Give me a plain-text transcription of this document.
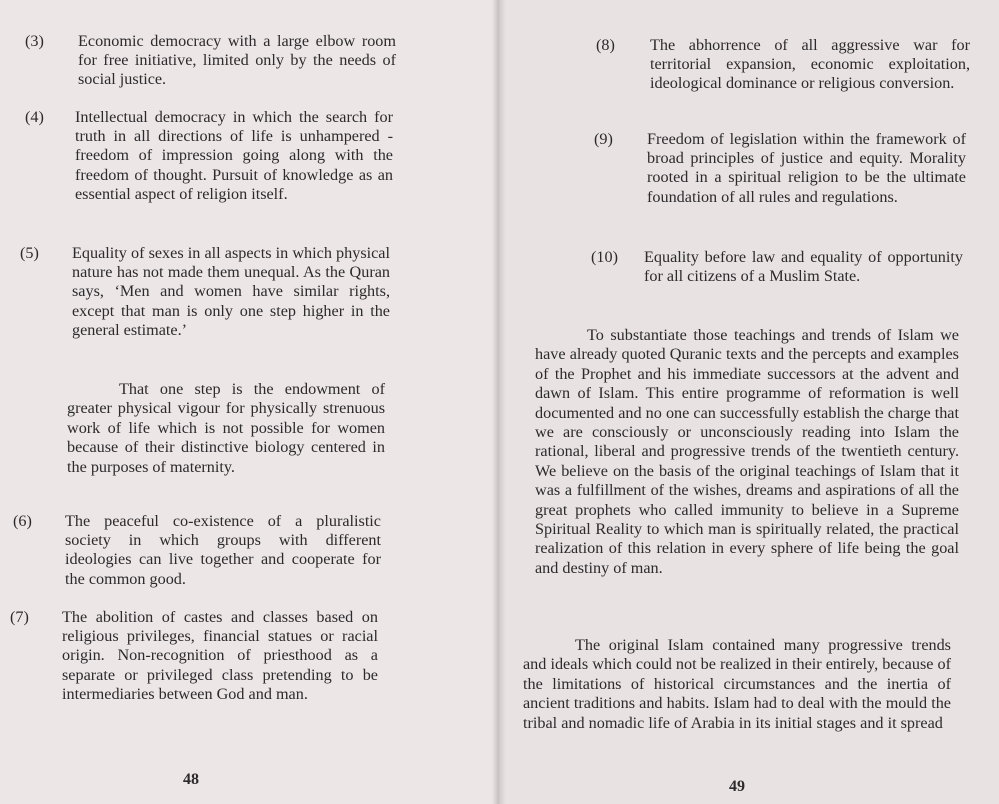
(3) Economic democracy with a large elbow room for free initiative, limited only by the needs of social justice.
(4) Intellectual democracy in which the search for truth in all directions of life is unhampered - freedom of impression going along with the freedom of thought. Pursuit of knowledge as an essential aspect of religion itself.
(5) Equality of sexes in all aspects in which physical nature has not made them unequal. As the Quran says, ‘Men and women have similar rights, except that man is only one step higher in the general estimate.’
That one step is the endowment of greater physical vigour for physically strenuous work of life which is not possible for women because of their distinctive biology centered in the purposes of maternity.
(6) The peaceful co-existence of a pluralistic society in which groups with different ideologies can live together and cooperate for the common good.
(7) The abolition of castes and classes based on religious privileges, financial statues or racial origin. Non-recognition of priesthood as a separate or privileged class pretending to be intermediaries between God and man.
48
(8) The abhorrence of all aggressive war for territorial expansion, economic exploitation, ideological dominance or religious conversion.
(9) Freedom of legislation within the framework of broad principles of justice and equity. Morality rooted in a spiritual religion to be the ultimate foundation of all rules and regulations.
(10) Equality before law and equality of opportunity for all citizens of a Muslim State.
To substantiate those teachings and trends of Islam we have already quoted Quranic texts and the percepts and examples of the Prophet and his immediate successors at the advent and dawn of Islam. This entire programme of reformation is well documented and no one can successfully establish the charge that we are consciously or unconsciously reading into Islam the rational, liberal and progressive trends of the twentieth century. We believe on the basis of the original teachings of Islam that it was a fulfillment of the wishes, dreams and aspirations of all the great prophets who called immunity to believe in a Supreme Spiritual Reality to which man is spiritually related, the practical realization of this relation in every sphere of life being the goal and destiny of man.
The original Islam contained many progressive trends and ideals which could not be realized in their entirely, because of the limitations of historical circumstances and the inertia of ancient traditions and habits. Islam had to deal with the mould the tribal and nomadic life of Arabia in its initial stages and it spread
49
